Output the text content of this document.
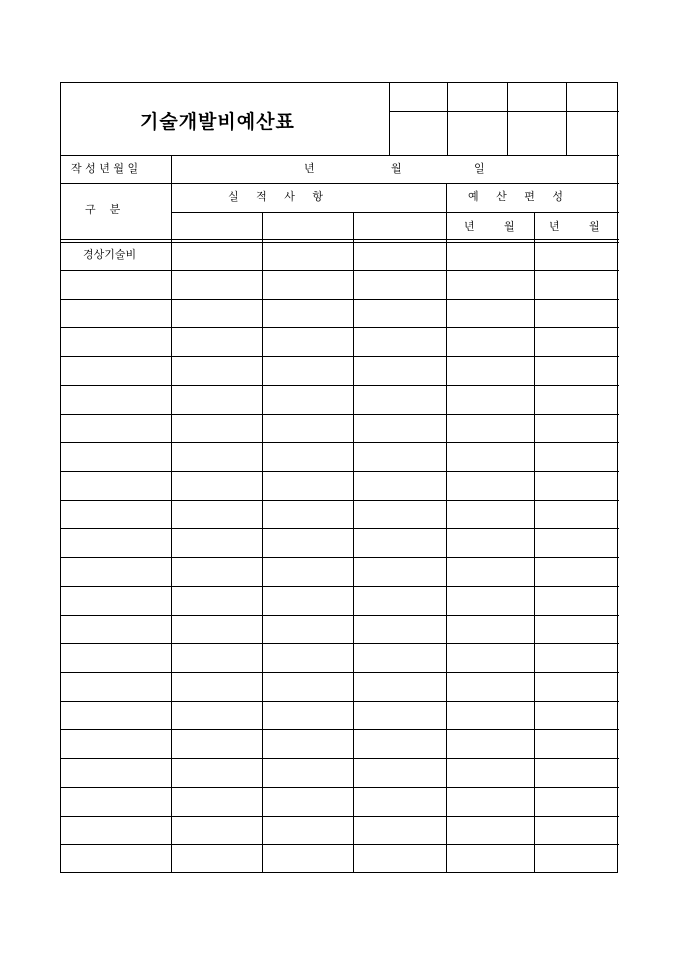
기술개발비예산표
작 성 년 월 일	년	월	일
구    분
실     적     사     항	예     산     편     성
년	월	년	월
경상기술비
